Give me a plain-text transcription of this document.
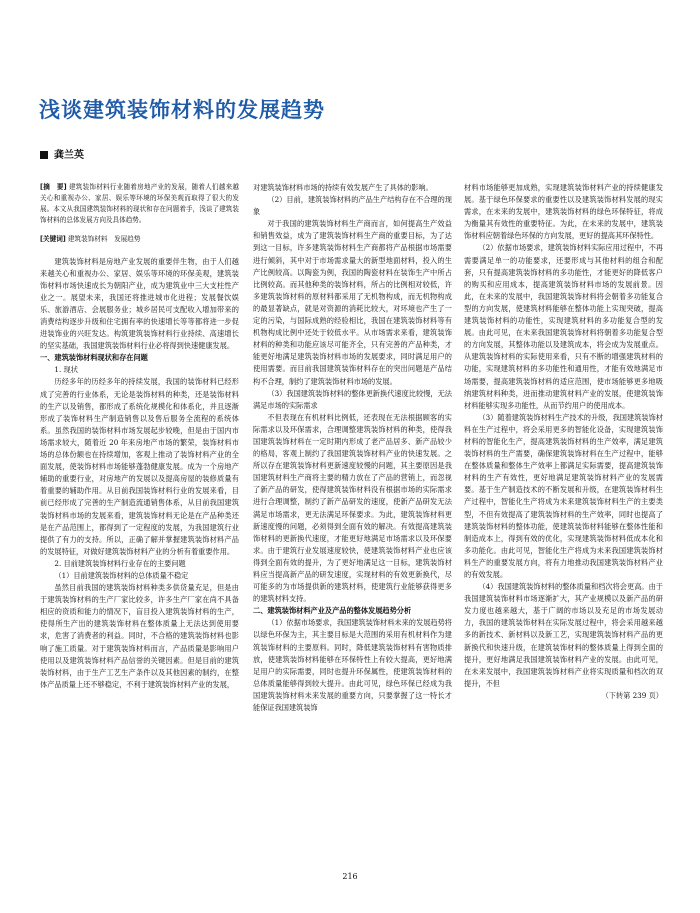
浅谈建筑装饰材料的发展趋势
龚兰英

[摘　要] 建筑装饰材料行业随着房地产业的发展，随着人们越来越关心和重视办公、家居、娱乐等环境的环保美观而取得了很大的发展。本文从我国建筑装饰材料的现状和存在问题着手，浅谈了建筑装饰材料的总体发展方向及具体趋势。

[关键词] 建筑装饰材料　发展趋势

建筑装饰材料是房地产业发展的重要伴生物，由于人们越来越关心和重视办公、家居、娱乐等环境的环保美观，建筑装饰材料市场快速成长为朝阳产业，成为建筑业中三大支柱性产业之一。展望未来，我国还将推进城市化进程；发展餐饮娱乐、旅游酒店、会展服务业；城乡居民可支配收入增加带来的消费结构逐步升级和住宅拥有率的快速增长等等都将进一步促进装饰业的兴旺发达。构筑建筑装饰材料行业持续、高速增长的坚实基础，我国建筑装饰材料行业必将得到快速健康发展。

一、建筑装饰材料现状和存在问题

1. 现状

历经多年的历经多年的持续发展，我国的装饰材料已经形成了完善的行业体系，无论是装饰材料的种类，还是装饰材料的生产以及销售，都形成了系统化规模化和体系化，并且逐渐形成了装饰材料生产制造销售以及售后服务全流程的系统体系。虽然我国的装饰材料市场发展起步较晚，但是由于国内市场需求较大，随着近 20 年来房地产市场的繁荣，装饰材料市场的总体份额也在持续增加，客观上推动了装饰材料产业的全面发展，使装饰材料市场能够蓬勃健康发展。成为一个房地产辅助的重要行业，对房地产的发展以及提高房屋的装修质量有着重要的辅助作用。从目前我国装饰材料行业的发展来看，目前已经形成了完善的生产制造流通销售体系，从目前我国建筑装饰材料市场的发展来看，建筑装饰材料无论是在产品种类还是在产品范围上，都得到了一定程度的发展，为我国建筑行业提供了有力的支持。所以，正确了解并掌握建筑装饰材料产品的发展特征，对做好建筑装饰材料产业的分析有着重要作用。

2. 目前建筑装饰材料行业存在的主要问题

（1）目前建筑装饰材料的总体质量不稳定

虽然目前我国的建筑装饰材料种类多供货量充足，但是由于建筑装饰材料的生产厂家比较多，许多生产厂家在尚不具备相应的资质和能力的情况下，盲目投入建筑装饰材料的生产，使得所生产出的建筑装饰材料在整体质量上无法达到使用要求，危害了消费者的利益。同时，不合格的建筑装饰材料也影响了施工质量。对于建筑装饰材料而言，产品质量是影响用户使用以及建筑装饰材料产品信誉的关键因素。但是目前的建筑装饰材料，由于生产工艺生产条件以及其他因素的制约，在整体产品质量上还不够稳定，不利于建筑装饰材料产业的发展，

对建筑装饰材料市场的持续有效发展产生了具体的影响。

（2）目前，建筑装饰材料的产品生产结构存在不合理的现象

对于我国的建筑装饰材料生产商而言，如何提高生产效益和销售效益，成为了建筑装饰材料生产商的重要目标，为了达到这一目标，许多建筑装饰材料生产商都将产品根据市场需要进行倾斜，其中对于市场需求量大的新型地面材料，投入的生产比例较高。以陶瓷为例，我国的陶瓷材料在装饰生产中所占比例较高。而其他种类的装饰材料，所占的比例相对较低，许多建筑装饰材料的原材料都采用了无机物构成，而无机物构成的最显著缺点，就是对资源的消耗比较大，对环境也产生了一定的污染，与国际成熟的经验相比，我国在建筑装饰材料等有机物构成比例中还处于较低水平。从市场需求来看，建筑装饰材料的种类和功能应该尽可能齐全，只有完善的产品种类，才能更好地满足建筑装饰材料市场的发展要求，同时满足用户的使用需要。而目前我国建筑装饰材料存在的突出问题是产品结构不合理，制约了建筑装饰材料市场的发展。

（3）我国建筑装饰材料的整体更新换代速度比较慢，无法满足市场的实际需求

不但表现在有机材料比例低，还表现在无法根据顾客的实际需求以及环保需求，合理调整建筑装饰材料的种类，使得我国建筑装饰材料在一定时期内形成了老产品居多、新产品较少的格局，客观上制约了我国建筑装饰材料产业的快速发展。之所以存在建筑装饰材料更新速度较慢的问题，其主要原因是我国建筑材料生产商将主要的精力放在了产品的营销上，而忽视了新产品的研发，使得建筑装饰材料没有根据市场的实际需求进行合理调整，制约了新产品研发的速度，使新产品研发无法满足市场需求，更无法满足环保要求。为此，建筑装饰材料更新速度慢的问题，必须得到全面有效的解决。有效提高建筑装饰材料的更新换代速度，才能更好地满足市场需求以及环保要求。由于建筑行业发展速度较快，使建筑装饰材料产业也应该得到全面有效的提升，为了更好地满足这一目标，建筑装饰材料应当提高新产品的研发速度，实现材料的有效更新换代，尽可能多的为市场提供新的建筑材料，使建筑行业能够获得更多的建筑材料支持。

二、建筑装饰材料产业及产品的整体发展趋势分析

（1）依据市场要求，我国建筑装饰材料未来的发展趋势将以绿色环保为主，其主要目标是大范围的采用有机材料作为建筑装饰材料的主要原料。同时，降低建筑装饰材料有害物质排放，使建筑装饰材料能够在环保特性上有较大提高，更好地满足用户的实际需要，同时也提升环保属性，使建筑装饰材料的总体质量能够得到较大提升。由此可见，绿色环保已经成为我国建筑装饰材料未来发展的重要方向，只要掌握了这一特长才能保证我国建筑装饰

材料市场能够更加成熟，实现建筑装饰材料产业的持续健康发展。基于绿色环保要求的重要性以及建筑装饰材料发展的现实需求，在未来的发展中，建筑装饰材料的绿色环保特征，将成为衡量其有效性的重要特征。为此，在未来的发展中，建筑装饰材料应朝着绿色环保的方向发展，更好的提高其环保特性。

（2）依据市场要求，建筑装饰材料实际应用过程中，不再需要满足单一的功能要求，还要形成与其他材料的组合和配套，只有提高建筑装饰材料的多功能性，才能更好的降低客户的购买和应用成本，提高建筑装饰材料市场的发展前景。因此，在未来的发展中，我国建筑装饰材料将会朝着多功能复合型的方向发展，使建筑材料能够在整体功能上实现突破，提高建筑装饰材料的功能性，实现建筑材料的多功能复合型的发展。由此可见，在未来我国建筑装饰材料将朝着多功能复合型的方向发展，其整体功能以及建筑成本，将会成为发展重点。从建筑装饰材料的实际使用来看，只有不断的增强建筑材料的功能，实现建筑材料的多功能性和通用性，才能有效地满足市场需要，提高建筑装饰材料的适应范围，使市场能够更多地吸纳建筑材料种类，进而推动建筑材料产业的发展，使建筑装饰材料能够实现多功能性，从而节约用户的使用成本。

（3）随着建筑装饰材料生产技术的升级，我国建筑装饰材料在生产过程中，将会采用更多的智能化设备，实现建筑装饰材料的智能化生产，提高建筑装饰材料的生产效率，满足建筑装饰材料的生产需要，确保建筑装饰材料在生产过程中，能够在整体质量和整体生产效率上都满足实际需要，提高建筑装饰材料的生产有效性，更好地满足建筑装饰材料产业的发展需要。基于生产制造技术的不断发展和升级，在建筑装饰材料生产过程中，智能化生产将成为未来建筑装饰材料生产的主要类型，不但有效提高了建筑装饰材料的生产效率，同时也提高了建筑装饰材料的整体功能，使建筑装饰材料能够在整体性能和制造成本上，得到有效的优化，实现建筑装饰材料低成本化和多功能化。由此可见，智能化生产将成为未来我国建筑装饰材料生产的重要发展方向，将有力地推动我国建筑装饰材料产业的有效发展。

（4）我国建筑装饰材料的整体质量和档次将会更高。由于我国建筑装饰材料市场逐渐扩大，其产业规模以及新产品的研发力度也越来越大，基于广阔的市场以及充足的市场发展动力，我国的建筑装饰材料在实际发展过程中，将会采用越来越多的新技术、新材料以及新工艺，实现建筑装饰材料产品的更新换代和快速升级，在建筑装饰材料的整体质量上得到全面的提升，更好地满足我国建筑装饰材料产业的发展。由此可见，在未来发展中，我国建筑装饰材料产业将实现质量和档次的双提升，不但

（下转第 239 页）

216
